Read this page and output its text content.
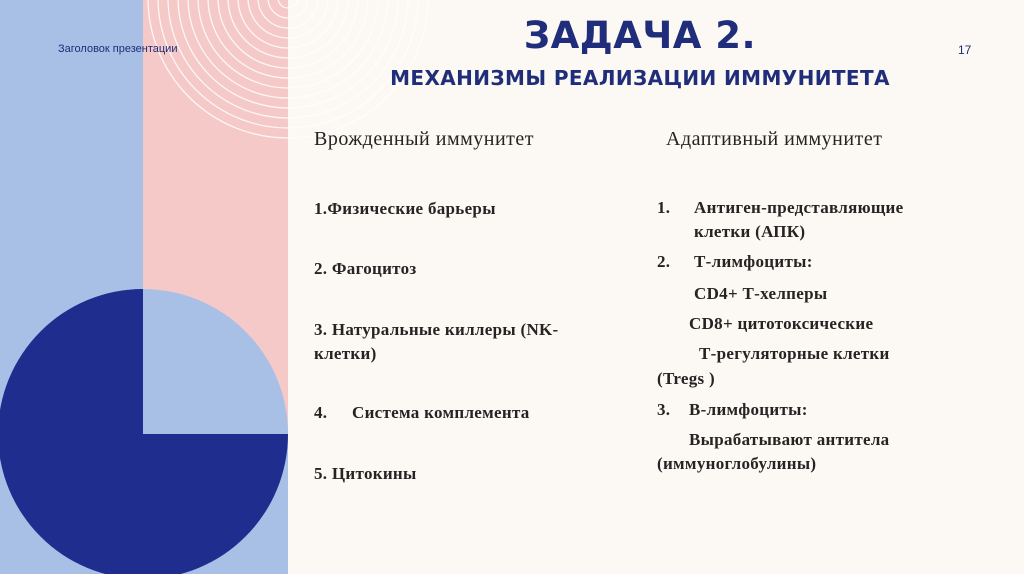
Заголовок презентации	17
ЗАДАЧА 2.
МЕХАНИЗМЫ РЕАЛИЗАЦИИ ИММУНИТЕТА
Врожденный иммунитет	Адаптивный иммунитет
1.Физические барьеры
2. Фагоцитоз
3. Натуральные киллеры (NK-
клетки)
4. Система комплемента
5. Цитокины
1. Антиген-представляющие
клетки (АПК)
2. Т-лимфоциты:
CD4+ Т-хелперы
CD8+ цитотоксические
Т-регуляторные клетки
(Tregs )
3. В-лимфоциты:
Вырабатывают антитела
(иммуноглобулины)
